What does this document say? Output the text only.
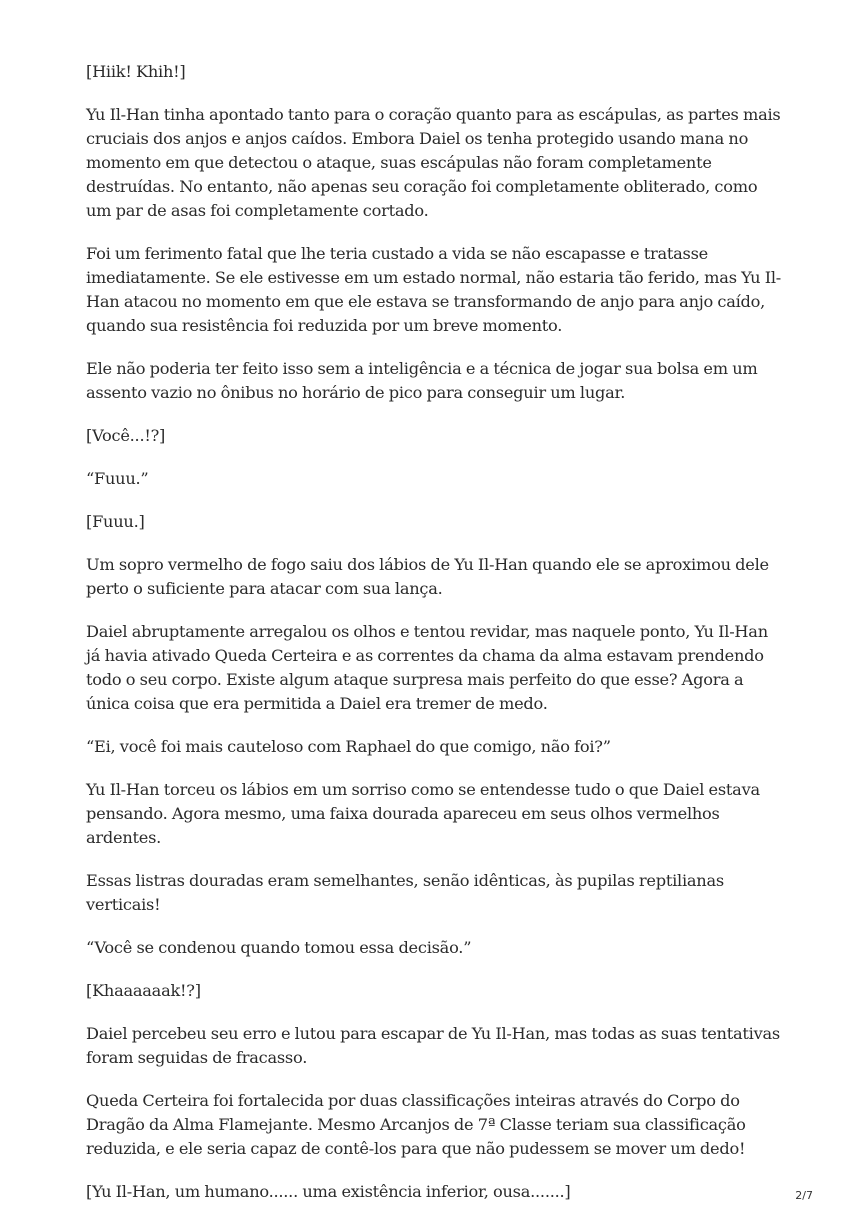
[Hiik! Khih!]

Yu Il-Han tinha apontado tanto para o coração quanto para as escápulas, as partes mais cruciais dos anjos e anjos caídos. Embora Daiel os tenha protegido usando mana no momento em que detectou o ataque, suas escápulas não foram completamente destruídas. No entanto, não apenas seu coração foi completamente obliterado, como um par de asas foi completamente cortado.

Foi um ferimento fatal que lhe teria custado a vida se não escapasse e tratasse imediatamente. Se ele estivesse em um estado normal, não estaria tão ferido, mas Yu Il-Han atacou no momento em que ele estava se transformando de anjo para anjo caído, quando sua resistência foi reduzida por um breve momento.

Ele não poderia ter feito isso sem a inteligência e a técnica de jogar sua bolsa em um assento vazio no ônibus no horário de pico para conseguir um lugar.

[Você...!?]

“Fuuu.”

[Fuuu.]

Um sopro vermelho de fogo saiu dos lábios de Yu Il-Han quando ele se aproximou dele perto o suficiente para atacar com sua lança.

Daiel abruptamente arregalou os olhos e tentou revidar, mas naquele ponto, Yu Il-Han já havia ativado Queda Certeira e as correntes da chama da alma estavam prendendo todo o seu corpo. Existe algum ataque surpresa mais perfeito do que esse? Agora a única coisa que era permitida a Daiel era tremer de medo.

“Ei, você foi mais cauteloso com Raphael do que comigo, não foi?”

Yu Il-Han torceu os lábios em um sorriso como se entendesse tudo o que Daiel estava pensando. Agora mesmo, uma faixa dourada apareceu em seus olhos vermelhos ardentes.

Essas listras douradas eram semelhantes, senão idênticas, às pupilas reptilianas verticais!

“Você se condenou quando tomou essa decisão.”

[Khaaaaaak!?]

Daiel percebeu seu erro e lutou para escapar de Yu Il-Han, mas todas as suas tentativas foram seguidas de fracasso.

Queda Certeira foi fortalecida por duas classificações inteiras através do Corpo do Dragão da Alma Flamejante. Mesmo Arcanjos de 7ª Classe teriam sua classificação reduzida, e ele seria capaz de contê-los para que não pudessem se mover um dedo!

[Yu Il-Han, um humano...... uma existência inferior, ousa.......]	2/7
